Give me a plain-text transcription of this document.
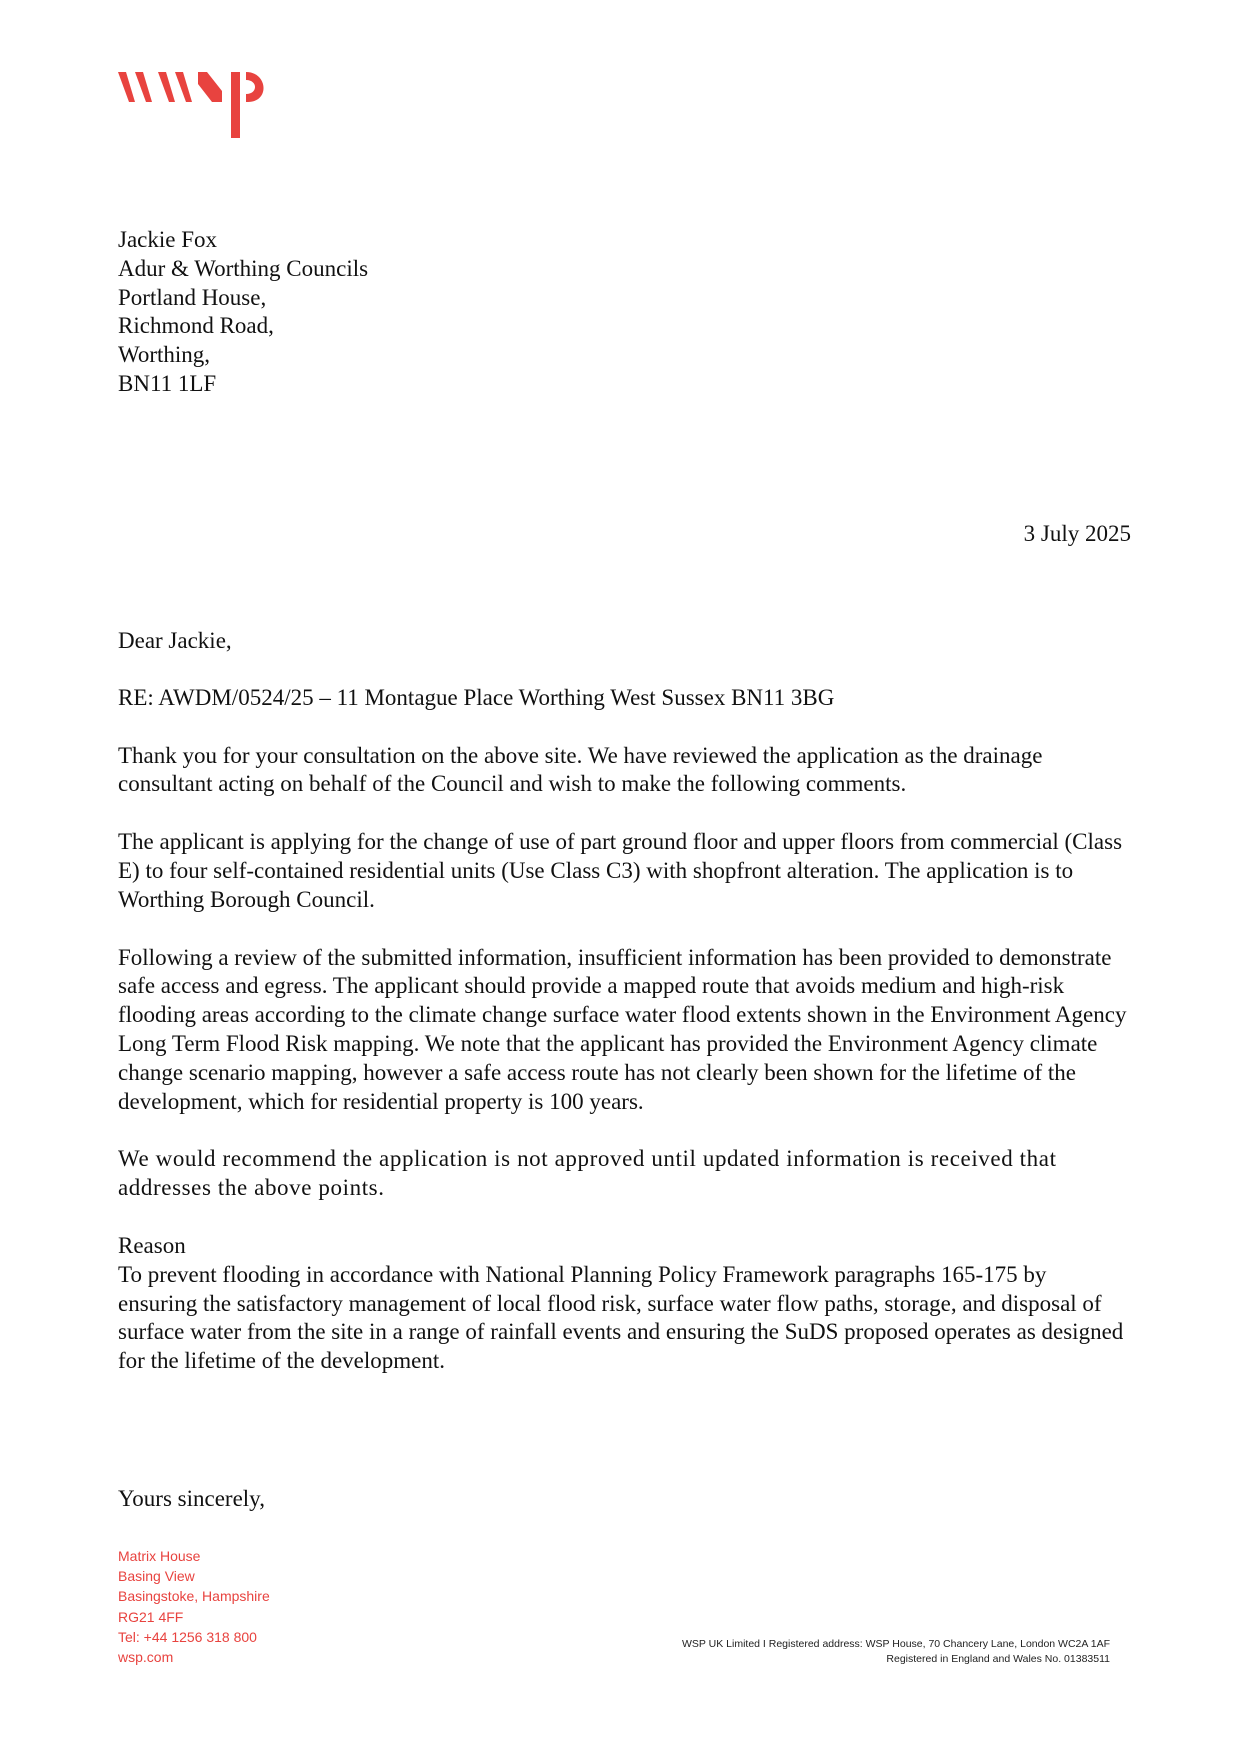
Jackie Fox
Adur & Worthing Councils
Portland House,
Richmond Road,
Worthing,
BN11 1LF
3 July 2025

Dear Jackie,

RE: AWDM/0524/25 – 11 Montague Place Worthing West Sussex BN11 3BG

Thank you for your consultation on the above site. We have reviewed the application as the drainage consultant acting on behalf of the Council and wish to make the following comments.

The applicant is applying for the change of use of part ground floor and upper floors from commercial (Class E) to four self-contained residential units (Use Class C3) with shopfront alteration. The application is to Worthing Borough Council.

Following a review of the submitted information, insufficient information has been provided to demonstrate safe access and egress. The applicant should provide a mapped route that avoids medium and high-risk flooding areas according to the climate change surface water flood extents shown in the Environment Agency Long Term Flood Risk mapping. We note that the applicant has provided the Environment Agency climate change scenario mapping, however a safe access route has not clearly been shown for the lifetime of the development, which for residential property is 100 years.

We would recommend the application is not approved until updated information is received that addresses the above points.

Reason

To prevent flooding in accordance with National Planning Policy Framework paragraphs 165-175 by ensuring the satisfactory management of local flood risk, surface water flow paths, storage, and disposal of surface water from the site in a range of rainfall events and ensuring the SuDS proposed operates as designed for the lifetime of the development.

Yours sincerely,
Matrix House
Basing View
Basingstoke, Hampshire
RG21 4FF
Tel: +44 1256 318 800
wsp.com
WSP UK Limited I Registered address: WSP House, 70 Chancery Lane, London WC2A 1AF
Registered in England and Wales No. 01383511
